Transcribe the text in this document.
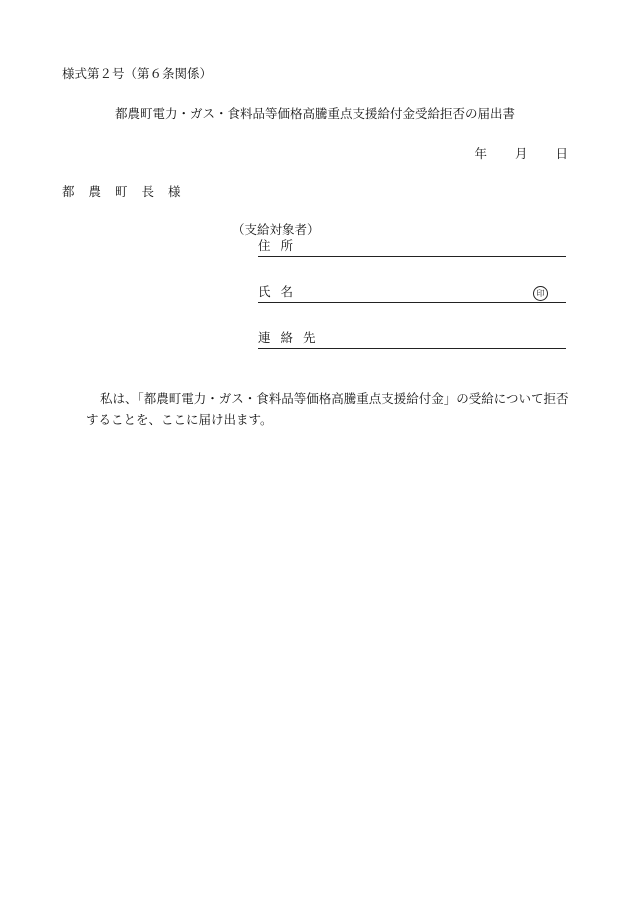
様式第２号（第６条関係）
都農町電力・ガス・食料品等価格高騰重点支援給付金受給拒否の届出書
年 月 日
都農町長様
（支給対象者）
住所
氏名	印
連絡先
私は、「都農町電力・ガス・食料品等価格高騰重点支援給付金」の受給について拒否することを、ここに届け出ます。
